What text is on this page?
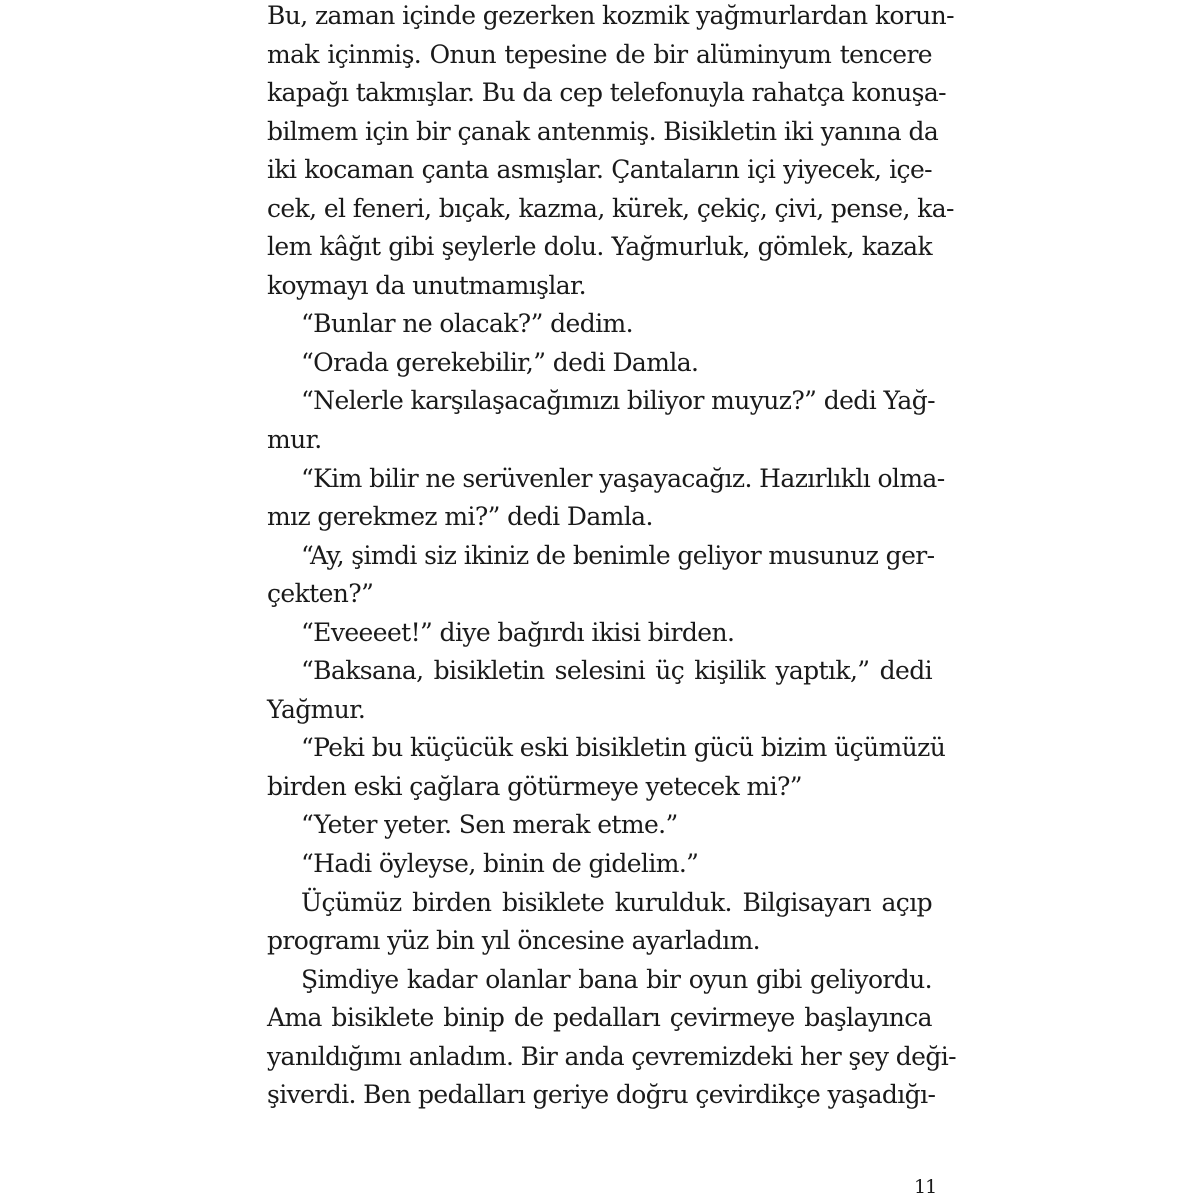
Bu, zaman içinde gezerken kozmik yağmurlardan korun-
mak içinmiş. Onun tepesine de bir alüminyum tencere
kapağı takmışlar. Bu da cep telefonuyla rahatça konuşa-
bilmem için bir çanak antenmiş. Bisikletin iki yanına da
iki kocaman çanta asmışlar. Çantaların içi yiyecek, içe-
cek, el feneri, bıçak, kazma, kürek, çekiç, çivi, pense, ka-
lem kâğıt gibi şeylerle dolu. Yağmurluk, gömlek, kazak
koymayı da unutmamışlar.
“Bunlar ne olacak?” dedim.
“Orada gerekebilir,” dedi Damla.
“Nelerle karşılaşacağımızı biliyor muyuz?” dedi Yağ-
mur.
“Kim bilir ne serüvenler yaşayacağız. Hazırlıklı olma-
mız gerekmez mi?” dedi Damla.
“Ay, şimdi siz ikiniz de benimle geliyor musunuz ger-
çekten?”
“Eveeeet!” diye bağırdı ikisi birden.
“Baksana, bisikletin selesini üç kişilik yaptık,” dedi
Yağmur.
“Peki bu küçücük eski bisikletin gücü bizim üçümüzü
birden eski çağlara götürmeye yetecek mi?”
“Yeter yeter. Sen merak etme.”
“Hadi öyleyse, binin de gidelim.”
Üçümüz birden bisiklete kurulduk. Bilgisayarı açıp
programı yüz bin yıl öncesine ayarladım.
Şimdiye kadar olanlar bana bir oyun gibi geliyordu.
Ama bisiklete binip de pedalları çevirmeye başlayınca
yanıldığımı anladım. Bir anda çevremizdeki her şey deği-
şiverdi. Ben pedalları geriye doğru çevirdikçe yaşadığı-
11
